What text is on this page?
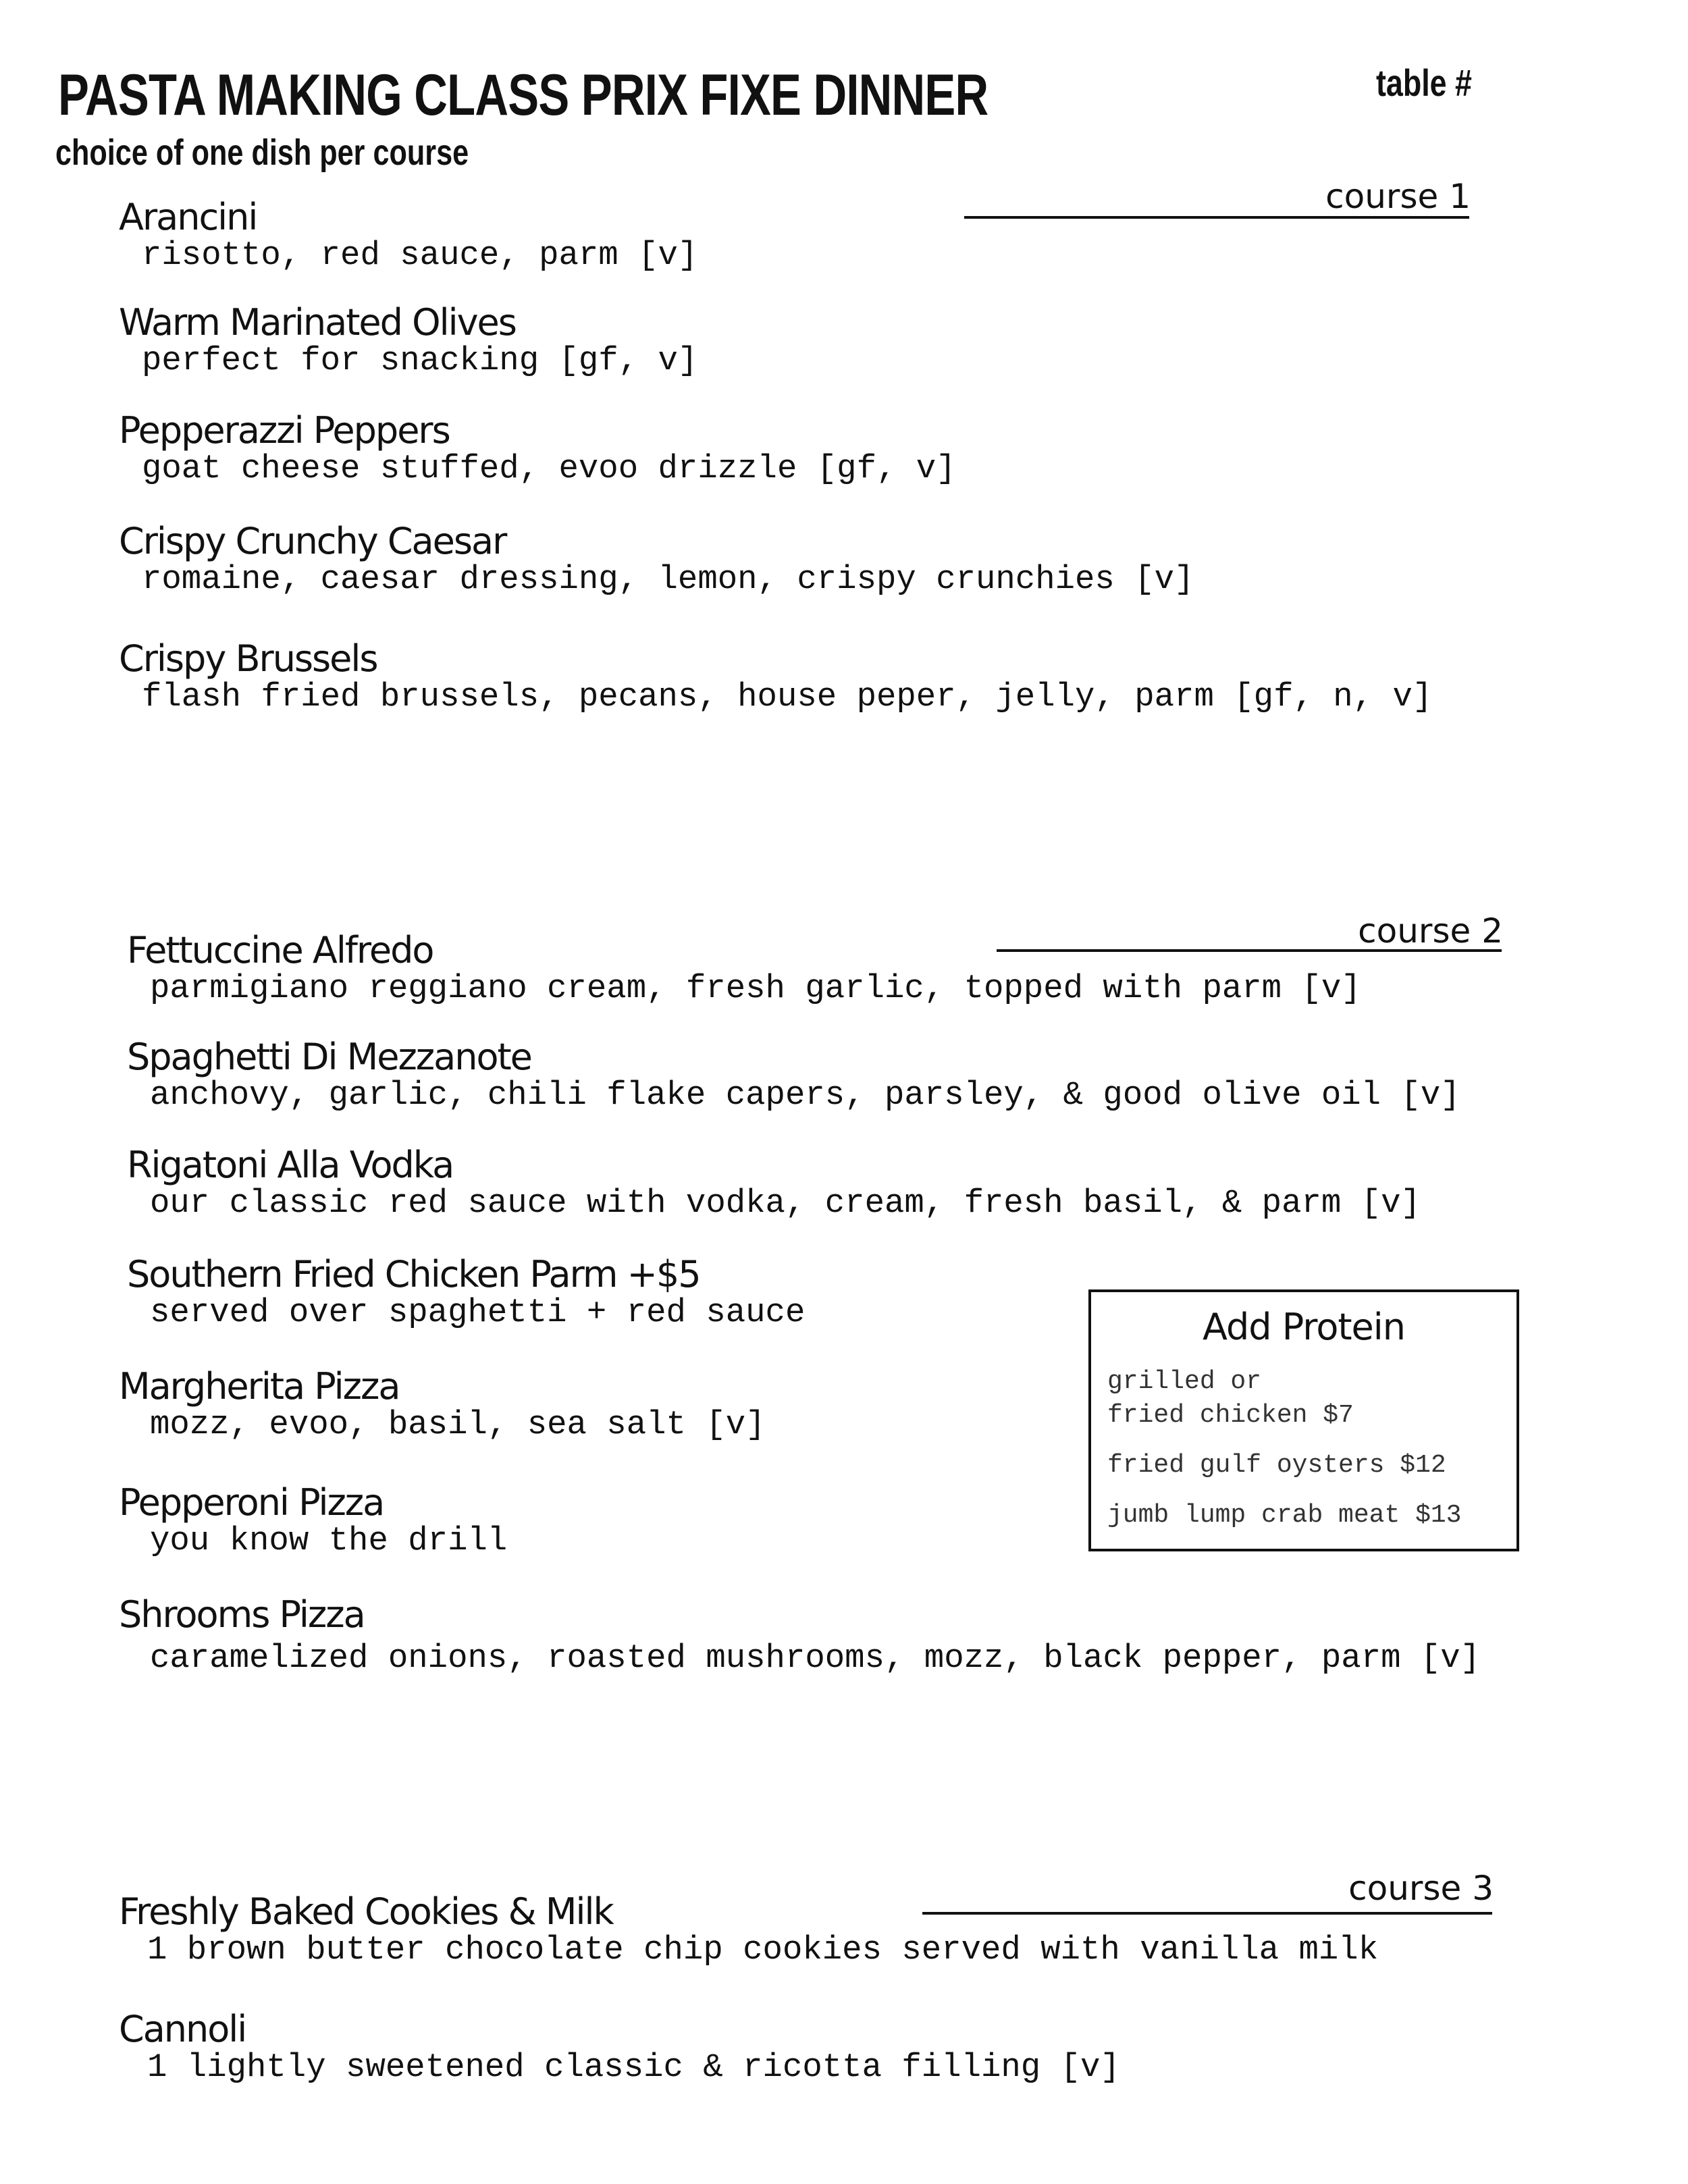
PASTA MAKING CLASS PRIX FIXE DINNER
choice of one dish per course
table #
course 1
Arancini
risotto, red sauce, parm [v]
Warm Marinated Olives
perfect for snacking [gf, v]
Pepperazzi Peppers
goat cheese stuffed, evoo drizzle [gf, v]
Crispy Crunchy Caesar
romaine, caesar dressing, lemon, crispy crunchies [v]
Crispy Brussels
flash fried brussels, pecans, house peper, jelly, parm [gf, n, v]
course 2
Fettuccine Alfredo
parmigiano reggiano cream, fresh garlic, topped with parm [v]
Spaghetti Di Mezzanote
anchovy, garlic, chili flake capers, parsley, & good olive oil [v]
Rigatoni Alla Vodka
our classic red sauce with vodka, cream, fresh basil, & parm [v]
Southern Fried Chicken Parm +$5
served over spaghetti + red sauce
Margherita Pizza
mozz, evoo, basil, sea salt [v]
Pepperoni Pizza
you know the drill
Shrooms Pizza
caramelized onions, roasted mushrooms, mozz, black pepper, parm [v]
Add Protein
grilled or
fried chicken $7
fried gulf oysters $12
jumb lump crab meat $13
course 3
Freshly Baked Cookies & Milk
1 brown butter chocolate chip cookies served with vanilla milk
Cannoli
1 lightly sweetened classic & ricotta filling [v]
